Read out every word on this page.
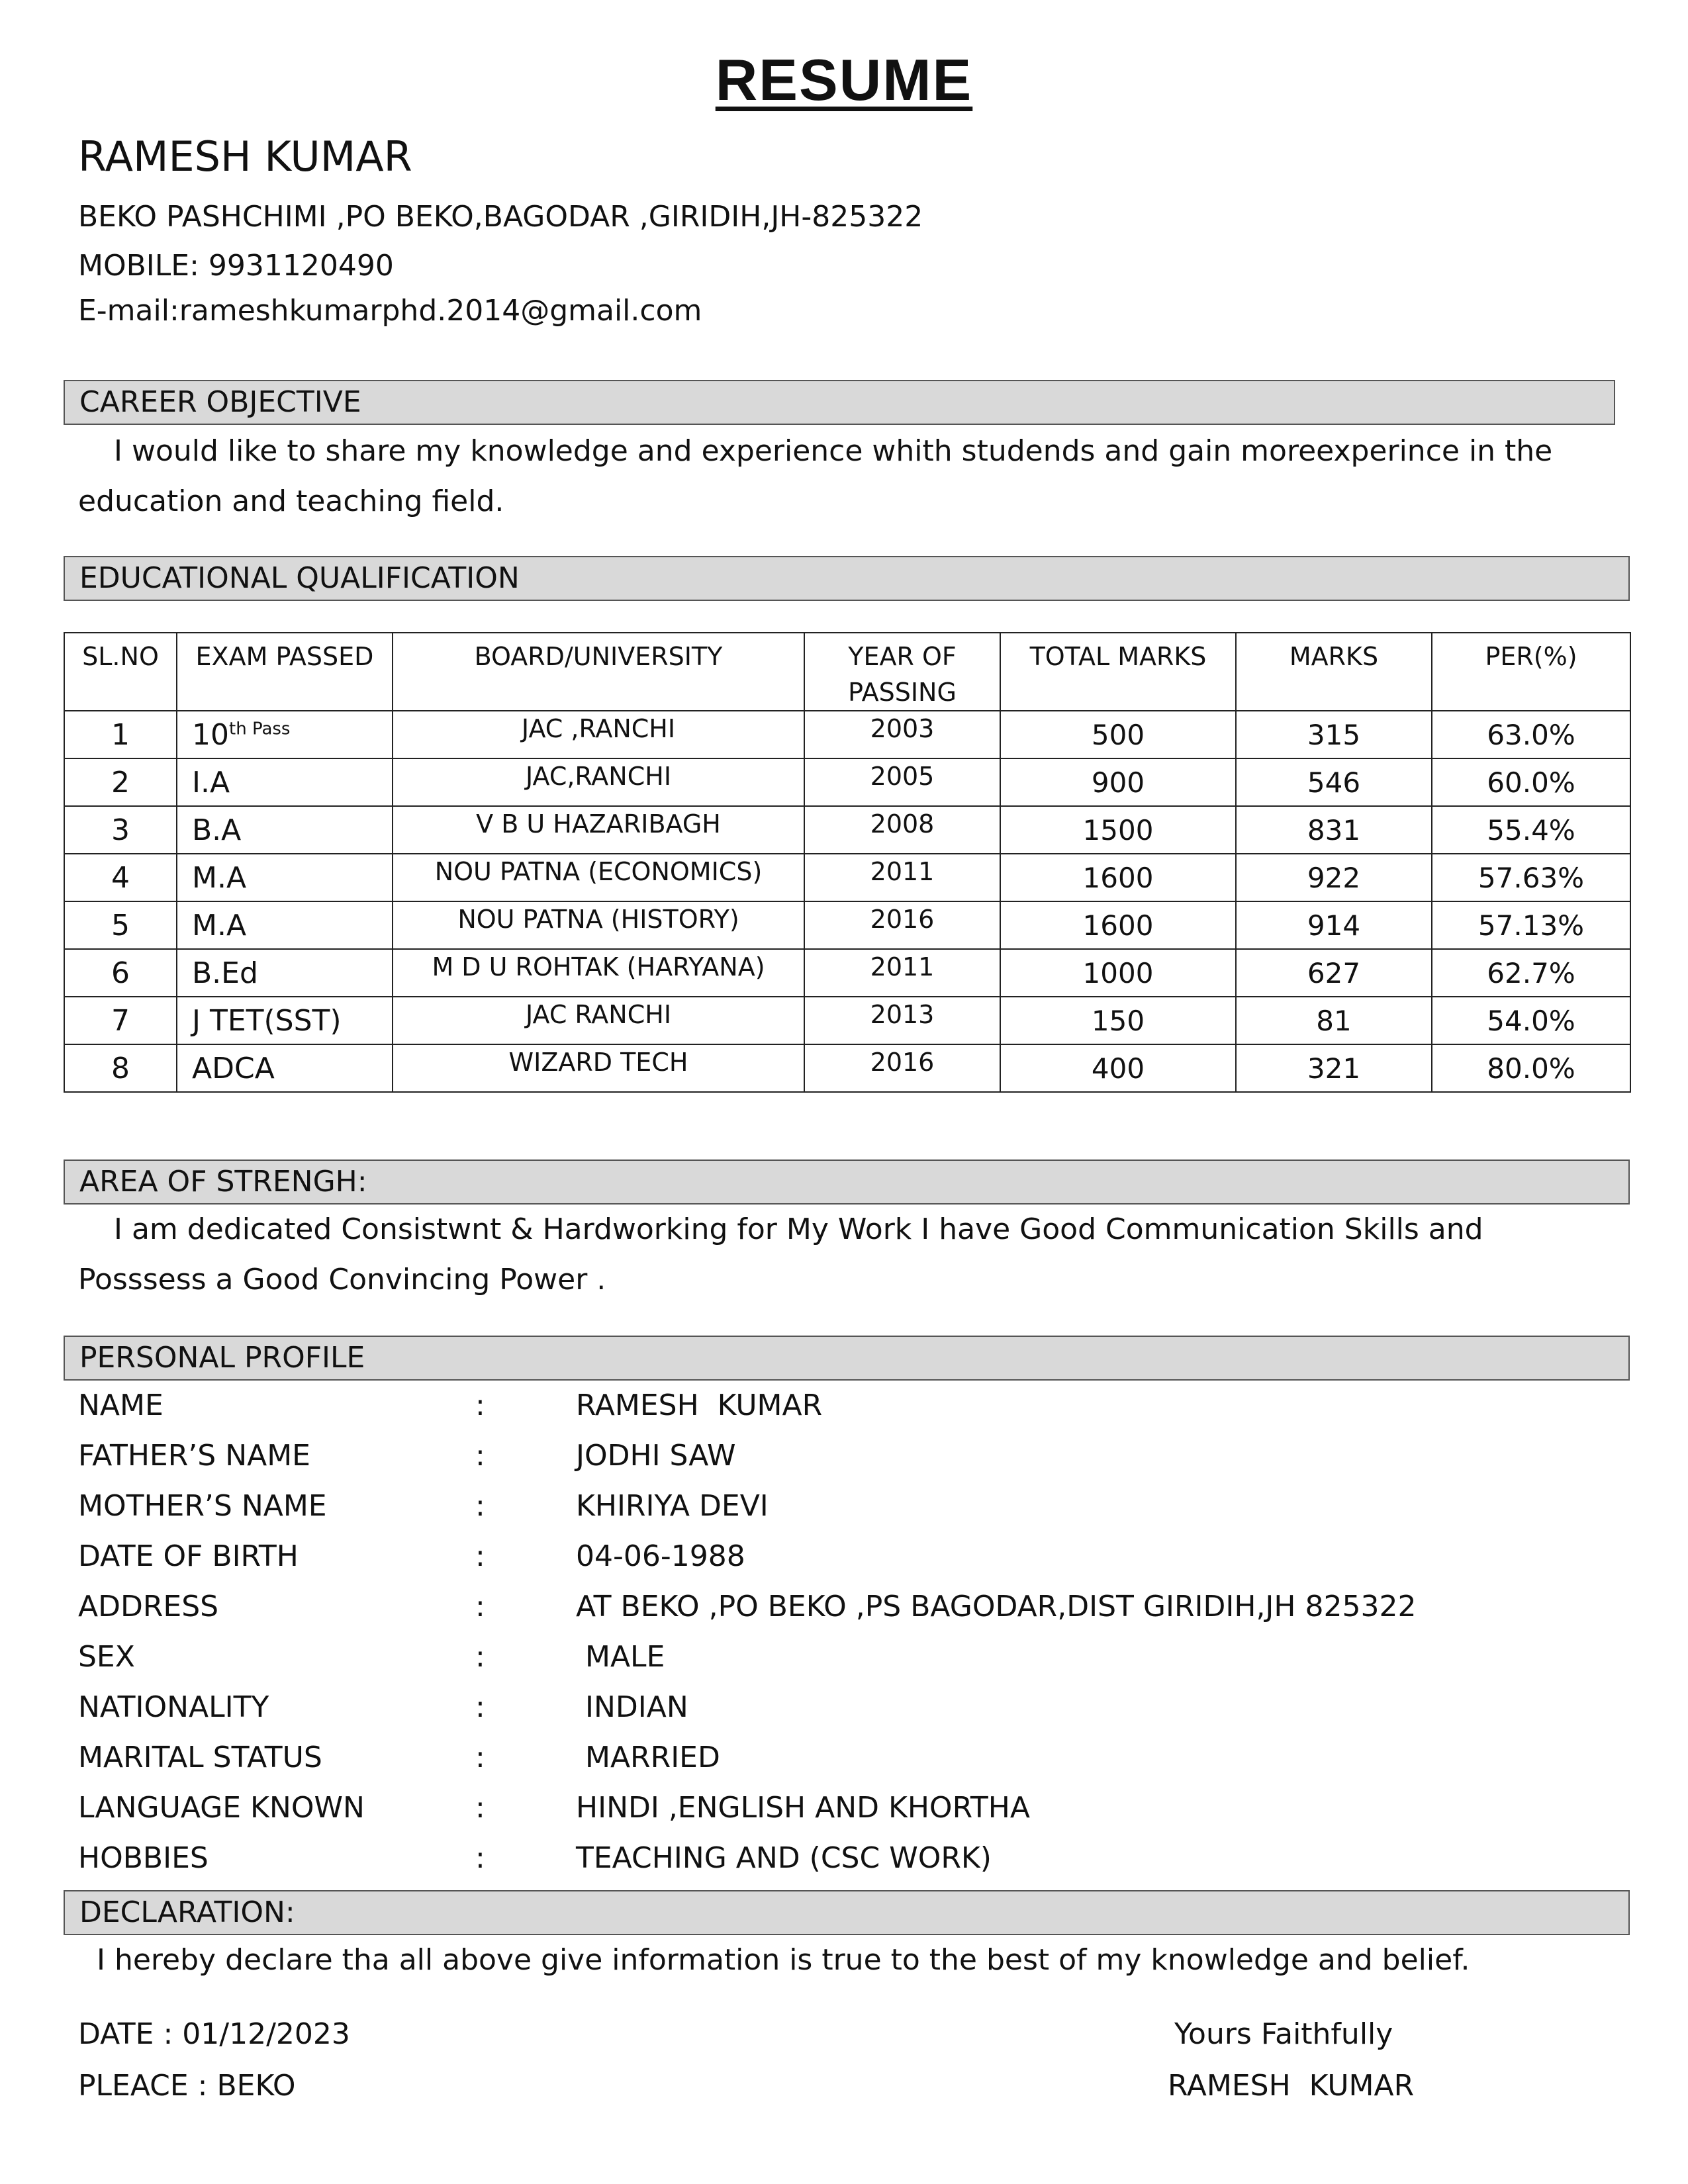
RESUME
RAMESH KUMAR
BEKO PASHCHIMI ,PO BEKO,BAGODAR ,GIRIDIH,JH-825322
MOBILE: 9931120490
E-mail:rameshkumarphd.2014@gmail.com
CAREER OBJECTIVE
I would like to share my knowledge and experience whith studends and gain moreexperince in the education and teaching field.
EDUCATIONAL QUALIFICATION
SL.NO	EXAM PASSED	BOARD/UNIVERSITY	YEAR OF PASSING	TOTAL MARKS	MARKS	PER(%)
1	$10^{th Pass}$	JAC ,RANCHI	2003	500	315	63.0%
2	I.A	JAC,RANCHI	2005	900	546	60.0%
3	B.A	V B U HAZARIBAGH	2008	1500	831	55.4%
4	M.A	NOU PATNA (ECONOMICS)	2011	1600	922	57.63%
5	M.A	NOU PATNA (HISTORY)	2016	1600	914	57.13%
6	B.Ed	M D U ROHTAK (HARYANA)	2011	1000	627	62.7%
7	J TET(SST)	JAC RANCHI	2013	150	81	54.0%
8	ADCA	WIZARD TECH	2016	400	321	80.0%
AREA OF STRENGH:
I am dedicated Consistwnt & Hardworking for My Work I have Good Communication Skills and Posssess a Good Convincing Power .
PERSONAL PROFILE
NAME	:	RAMESH  KUMAR
FATHER’S NAME	:	JODHI SAW
MOTHER’S NAME	:	KHIRIYA DEVI
DATE OF BIRTH	:	04-06-1988
ADDRESS	:	AT BEKO ,PO BEKO ,PS BAGODAR,DIST GIRIDIH,JH 825322
SEX	:	MALE
NATIONALITY	:	INDIAN
MARITAL STATUS	:	MARRIED
LANGUAGE KNOWN	:	HINDI ,ENGLISH AND KHORTHA
HOBBIES	:	TEACHING AND (CSC WORK)
DECLARATION:
I hereby declare tha all above give information is true to the best of my knowledge and belief.
DATE : 01/12/2023
PLEACE : BEKO
Yours Faithfully
RAMESH  KUMAR
